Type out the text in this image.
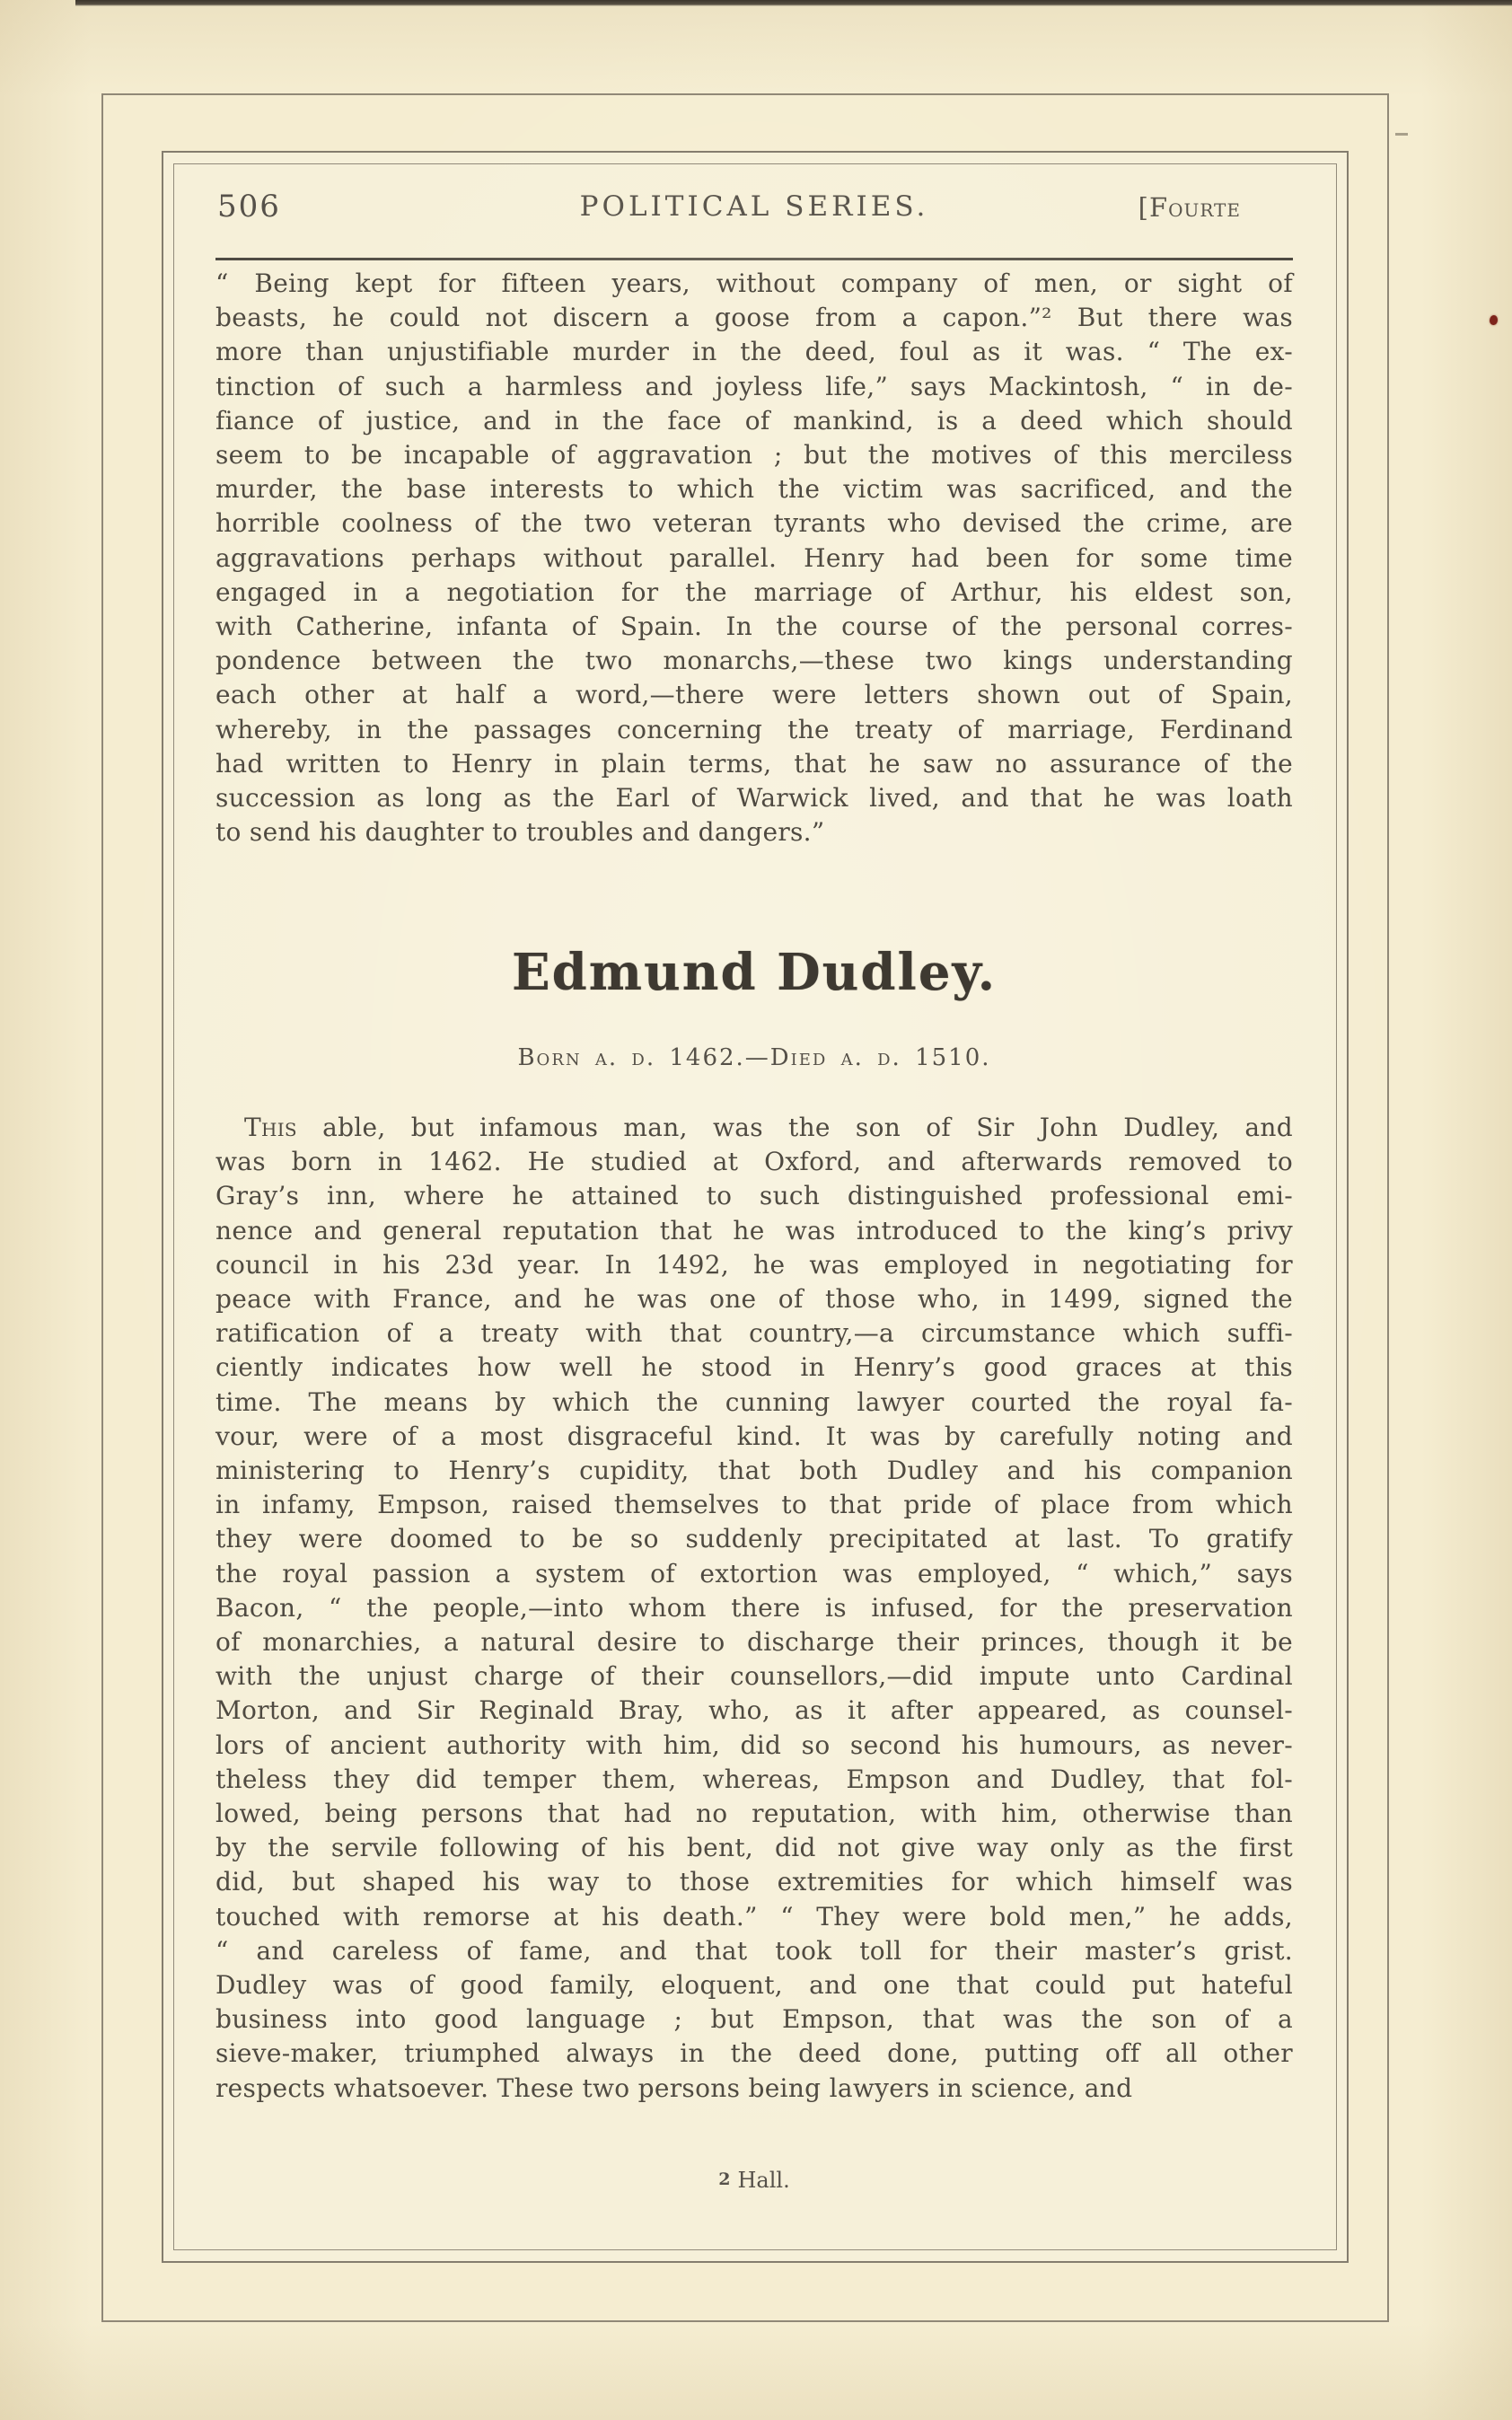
506	POLITICAL SERIES.	[Fourte
“ Being kept for fifteen years, without company of men, or sight of
beasts, he could not discern a goose from a capon.”² But there was
more than unjustifiable murder in the deed, foul as it was. “ The ex-
tinction of such a harmless and joyless life,” says Mackintosh, “ in de-
fiance of justice, and in the face of mankind, is a deed which should
seem to be incapable of aggravation ; but the motives of this merciless
murder, the base interests to which the victim was sacrificed, and the
horrible coolness of the two veteran tyrants who devised the crime, are
aggravations perhaps without parallel. Henry had been for some time
engaged in a negotiation for the marriage of Arthur, his eldest son,
with Catherine, infanta of Spain. In the course of the personal corres-
pondence between the two monarchs,—these two kings understanding
each other at half a word,—there were letters shown out of Spain,
whereby, in the passages concerning the treaty of marriage, Ferdinand
had written to Henry in plain terms, that he saw no assurance of the
succession as long as the Earl of Warwick lived, and that he was loath
to send his daughter to troubles and dangers.”
Edmund Dudley.
Born a. d. 1462.—Died a. d. 1510.
This able, but infamous man, was the son of Sir John Dudley, and
was born in 1462. He studied at Oxford, and afterwards removed to
Gray’s inn, where he attained to such distinguished professional emi-
nence and general reputation that he was introduced to the king’s privy
council in his 23d year. In 1492, he was employed in negotiating for
peace with France, and he was one of those who, in 1499, signed the
ratification of a treaty with that country,—a circumstance which suffi-
ciently indicates how well he stood in Henry’s good graces at this
time. The means by which the cunning lawyer courted the royal fa-
vour, were of a most disgraceful kind. It was by carefully noting and
ministering to Henry’s cupidity, that both Dudley and his companion
in infamy, Empson, raised themselves to that pride of place from which
they were doomed to be so suddenly precipitated at last. To gratify
the royal passion a system of extortion was employed, “ which,” says
Bacon, “ the people,—into whom there is infused, for the preservation
of monarchies, a natural desire to discharge their princes, though it be
with the unjust charge of their counsellors,—did impute unto Cardinal
Morton, and Sir Reginald Bray, who, as it after appeared, as counsel-
lors of ancient authority with him, did so second his humours, as never-
theless they did temper them, whereas, Empson and Dudley, that fol-
lowed, being persons that had no reputation, with him, otherwise than
by the servile following of his bent, did not give way only as the first
did, but shaped his way to those extremities for which himself was
touched with remorse at his death.” “ They were bold men,” he adds,
“ and careless of fame, and that took toll for their master’s grist.
Dudley was of good family, eloquent, and one that could put hateful
business into good language ; but Empson, that was the son of a
sieve-maker, triumphed always in the deed done, putting off all other
respects whatsoever. These two persons being lawyers in science, and
2 Hall.
